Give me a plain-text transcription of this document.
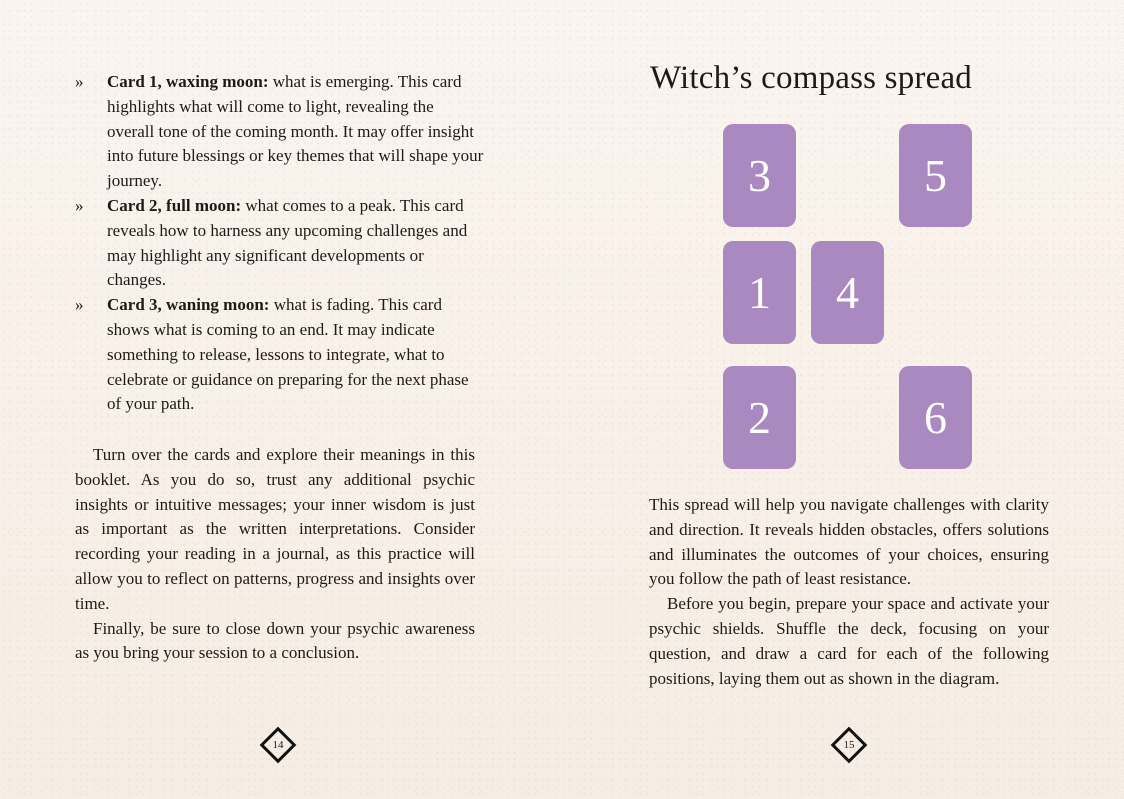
» Card 1, waxing moon: what is emerging. This card highlights what will come to light, revealing the overall tone of the coming month. It may offer insight into future blessings or key themes that will shape your journey.
» Card 2, full moon: what comes to a peak. This card reveals how to harness any upcoming challenges and may highlight any significant developments or changes.
» Card 3, waning moon: what is fading. This card shows what is coming to an end. It may indicate something to release, lessons to integrate, what to celebrate or guidance on preparing for the next phase of your path.

Turn over the cards and explore their meanings in this booklet. As you do so, trust any additional psychic insights or intuitive messages; your inner wisdom is just as important as the written interpretations. Consider recording your reading in a journal, as this practice will allow you to reflect on patterns, progress and insights over time.

Finally, be sure to close down your psychic awareness as you bring your session to a conclusion.

14
Witch’s compass spread
3	5
1	4
2	6

This spread will help you navigate challenges with clarity and direction. It reveals hidden obstacles, offers solutions and illuminates the outcomes of your choices, ensuring you follow the path of least resistance.

Before you begin, prepare your space and activate your psychic shields. Shuffle the deck, focusing on your question, and draw a card for each of the following positions, laying them out as shown in the diagram.

15
